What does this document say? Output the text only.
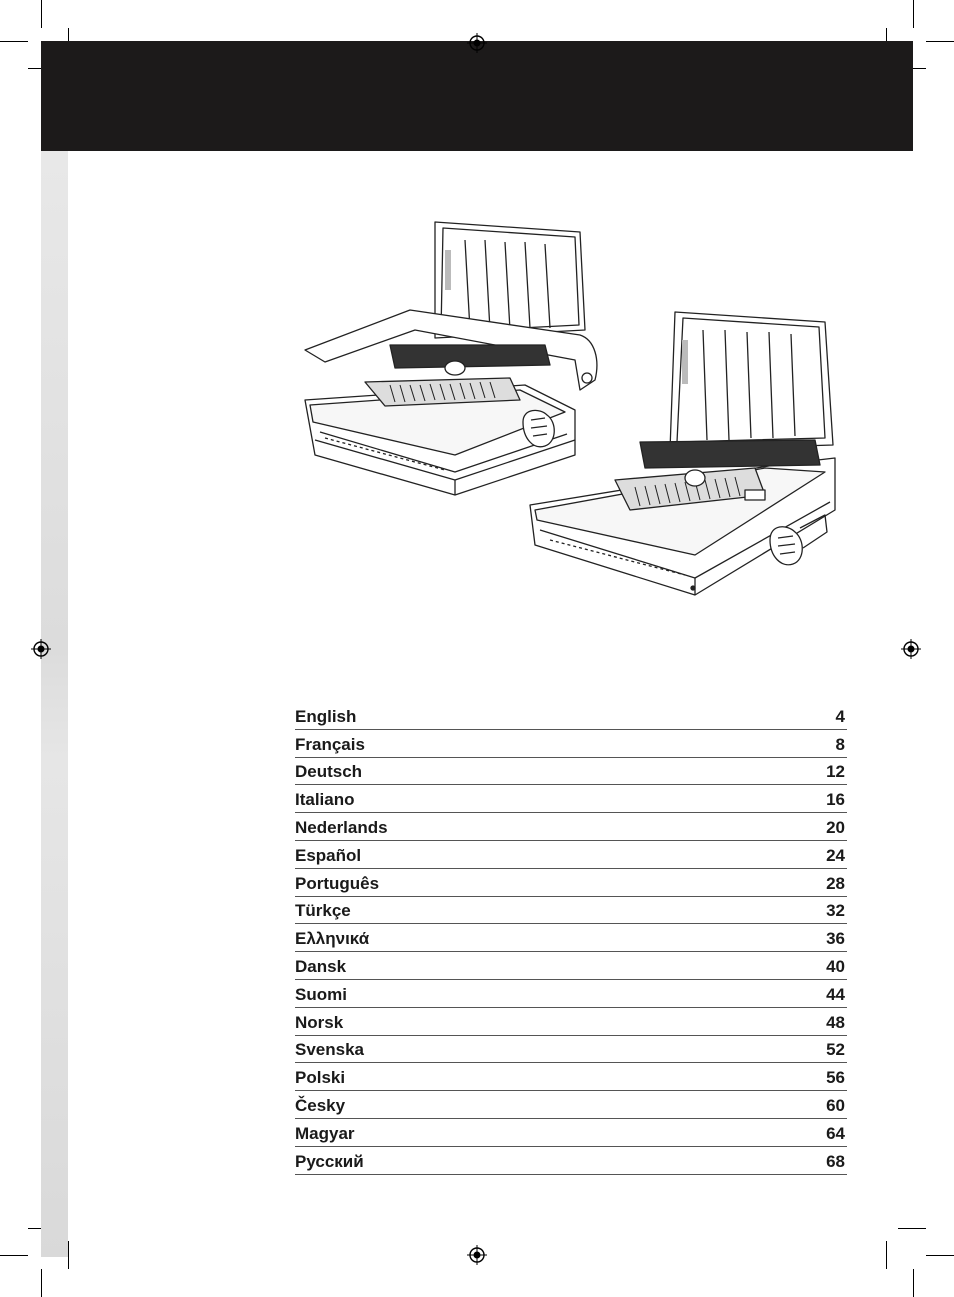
English	4
Français	8
Deutsch	12
Italiano	16
Nederlands	20
Español	24
Português	28
Türkçe	32
Ελληνικά	36
Dansk	40
Suomi	44
Norsk	48
Svenska	52
Polski	56
Česky	60
Magyar	64
Русский	68
